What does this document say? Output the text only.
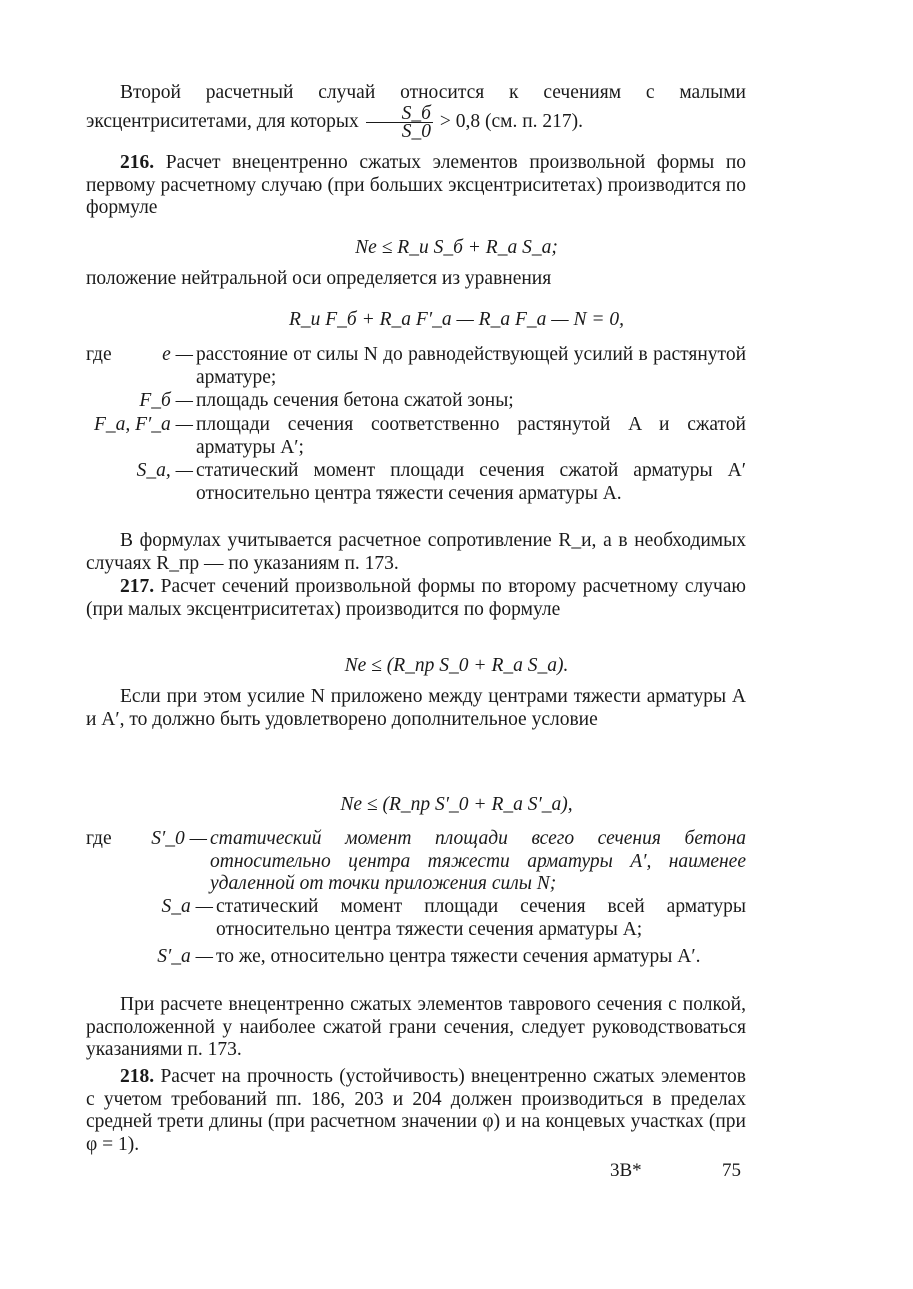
Второй расчетный случай относится к сечениям с малыми эксцентриситетами, для которых $\frac{S\_б}{S\_0} > 0,8$ (см. п. 217).
216. Расчет внецентренно сжатых элементов произвольной формы по первому расчетному случаю (при больших эксцентриситетах) производится по формуле
Ne ≤ R_и S_б + R_а S_а;
положение нейтральной оси определяется из уравнения
R_и F_б + R_а F′_а — R_а F_а — N = 0,
где	e — расстояние от силы N до равнодействующей усилий в растянутой арматуре;
F_б — площадь сечения бетона сжатой зоны;
F_а, F′_а — площади сечения соответственно растянутой A и сжатой арматуры A′;
S_а, — статический момент площади сечения сжатой арматуры A′ относительно центра тяжести сечения арматуры A.
В формулах учитывается расчетное сопротивление R_и, а в необходимых случаях R_пр — по указаниям п. 173.
217. Расчет сечений произвольной формы по второму расчетному случаю (при малых эксцентриситетах) производится по формуле
Ne ≤ (R_пр S_0 + R_а S_а).
Если при этом усилие N приложено между центрами тяжести арматуры A и A′, то должно быть удовлетворено дополнительное условие
Ne ≤ (R_пр S′_0 + R_а S′_а),
где	S′_0 — статический момент площади всего сечения бетона относительно центра тяжести арматуры A′, наименее удаленной от точки приложения силы N;
S_а — статический момент площади сечения всей арматуры относительно центра тяжести сечения арматуры A;
S′_а — то же, относительно центра тяжести сечения арматуры A′.
При расчете внецентренно сжатых элементов таврового сечения с полкой, расположенной у наиболее сжатой грани сечения, следует руководствоваться указаниями п. 173.
218. Расчет на прочность (устойчивость) внецентренно сжатых элементов с учетом требований пп. 186, 203 и 204 должен производиться в пределах средней трети длины (при расчетном значении φ) и на концевых участках (при φ = 1).
3В*	75
